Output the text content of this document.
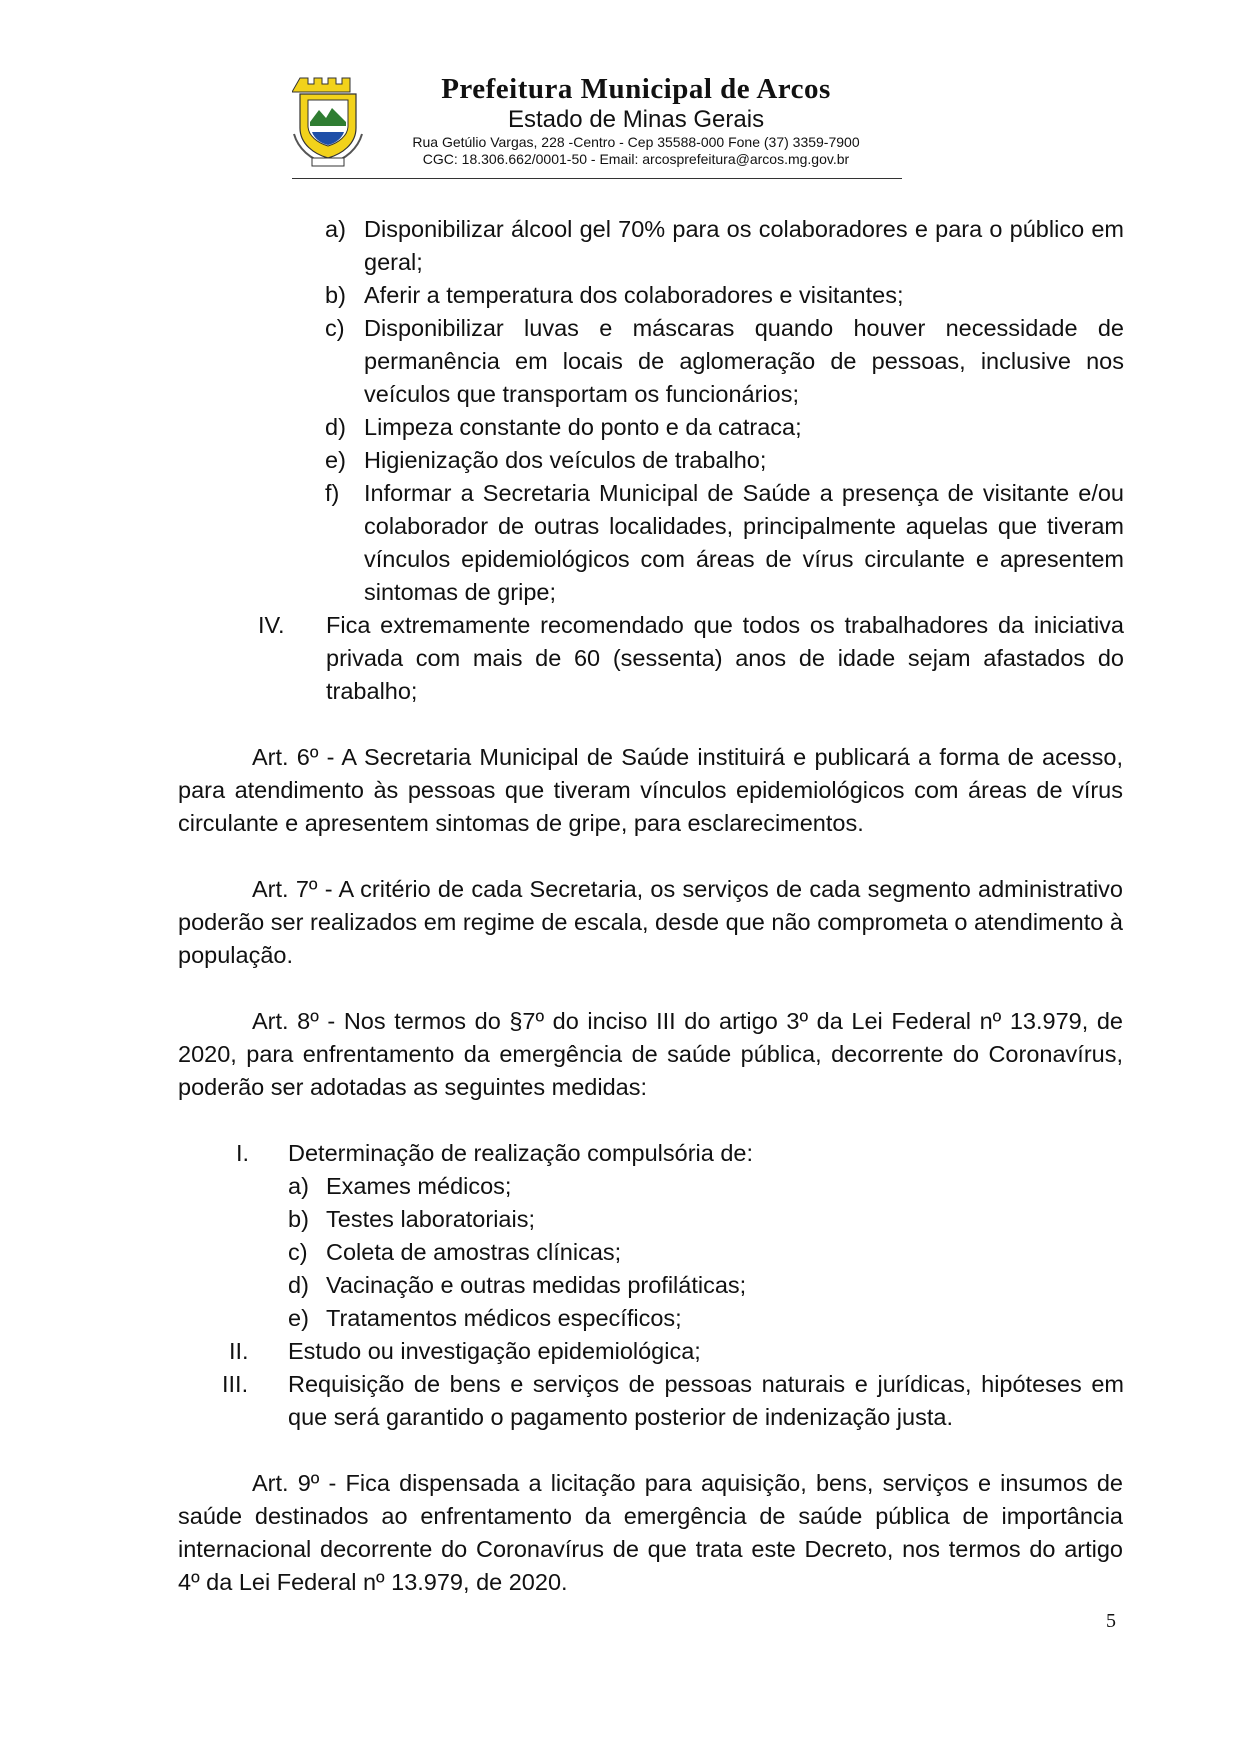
Prefeitura Municipal de Arcos

Estado de Minas Gerais

Rua Getúlio Vargas, 228 -Centro - Cep 35588-000 Fone (37) 3359-7900

CGC: 18.306.662/0001-50 - Email: arcosprefeitura@arcos.mg.gov.br

a) Disponibilizar álcool gel 70% para os colaboradores e para o público em geral;
b) Aferir a temperatura dos colaboradores e visitantes;
c) Disponibilizar luvas e máscaras quando houver necessidade de permanência em locais de aglomeração de pessoas, inclusive nos veículos que transportam os funcionários;
d) Limpeza constante do ponto e da catraca;
e) Higienização dos veículos de trabalho;
f) Informar a Secretaria Municipal de Saúde a presença de visitante e/ou colaborador de outras localidades, principalmente aquelas que tiveram vínculos epidemiológicos com áreas de vírus circulante e apresentem sintomas de gripe;
IV. Fica extremamente recomendado que todos os trabalhadores da iniciativa privada com mais de 60 (sessenta) anos de idade sejam afastados do trabalho;
Art. 6º - A Secretaria Municipal de Saúde instituirá e publicará a forma de acesso, para atendimento às pessoas que tiveram vínculos epidemiológicos com áreas de vírus circulante e apresentem sintomas de gripe, para esclarecimentos.
Art. 7º - A critério de cada Secretaria, os serviços de cada segmento administrativo poderão ser realizados em regime de escala, desde que não comprometa o atendimento à população.
Art. 8º - Nos termos do §7º do inciso III do artigo 3º da Lei Federal nº 13.979, de 2020, para enfrentamento da emergência de saúde pública, decorrente do Coronavírus, poderão ser adotadas as seguintes medidas:
I. Determinação de realização compulsória de:
a) Exames médicos;
b) Testes laboratoriais;
c) Coleta de amostras clínicas;
d) Vacinação e outras medidas profiláticas;
e) Tratamentos médicos específicos;
II. Estudo ou investigação epidemiológica;
III. Requisição de bens e serviços de pessoas naturais e jurídicas, hipóteses em que será garantido o pagamento posterior de indenização justa.
Art. 9º - Fica dispensada a licitação para aquisição, bens, serviços e insumos de saúde destinados ao enfrentamento da emergência de saúde pública de importância internacional decorrente do Coronavírus de que trata este Decreto, nos termos do artigo 4º da Lei Federal nº 13.979, de 2020.
5
